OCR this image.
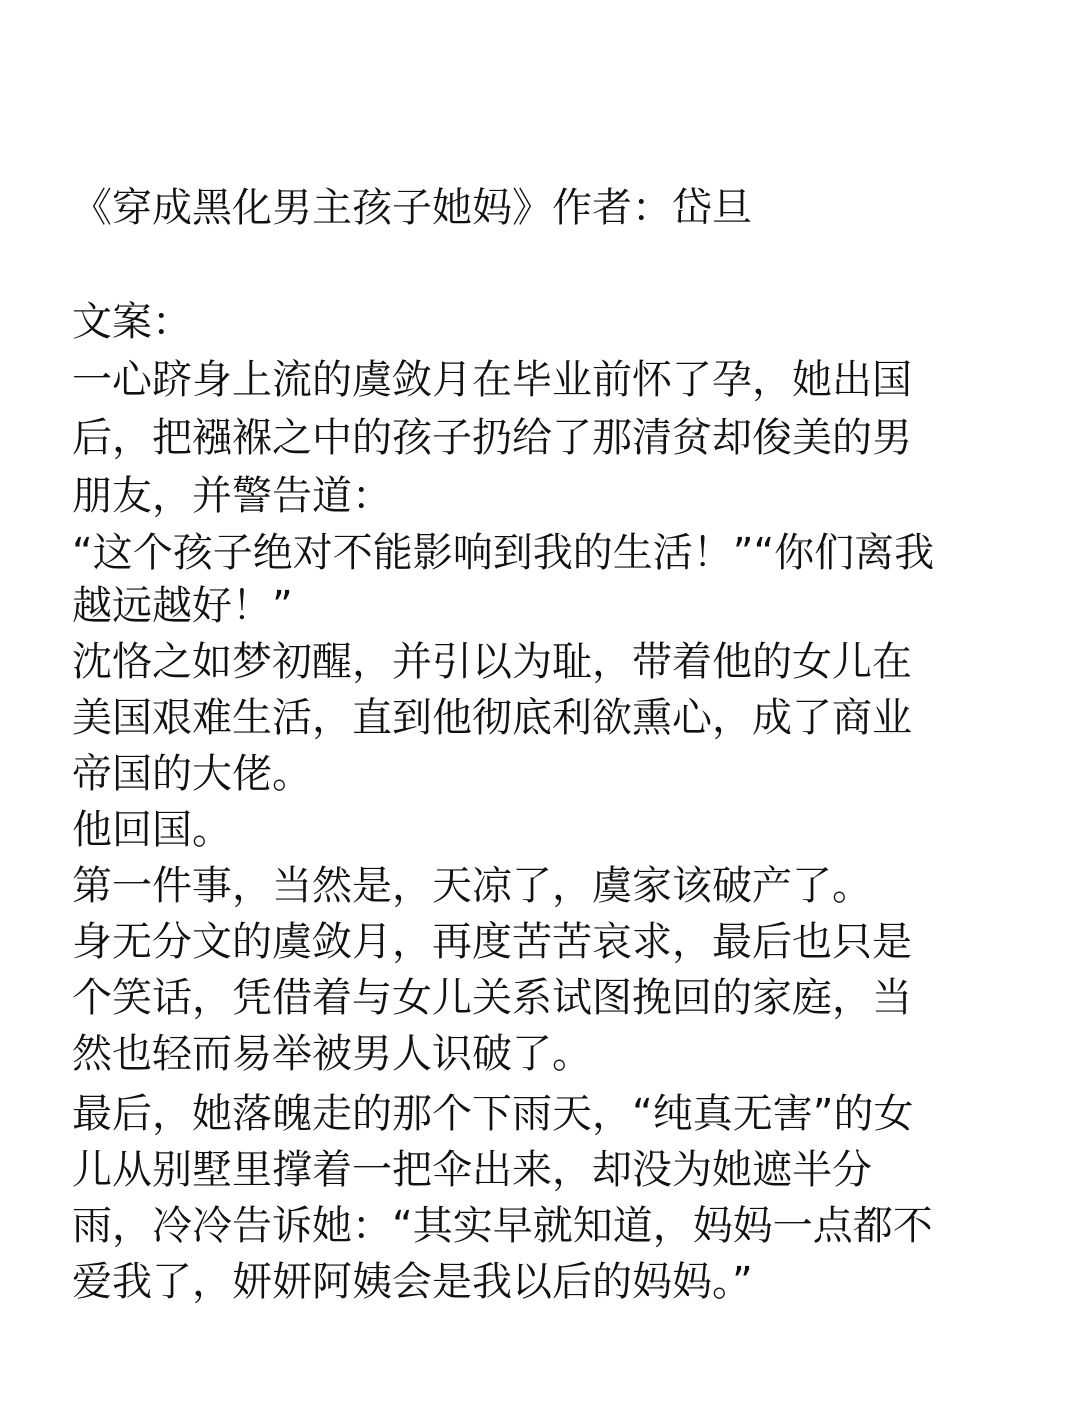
《穿成黑化男主孩子她妈》作者：岱旦
文案：
一心跻身上流的虞敛月在毕业前怀了孕，她出国
后，把襁褓之中的孩子扔给了那清贫却俊美的男
朋友，并警告道：
“这个孩子绝对不能影响到我的生活！”“你们离我
越远越好！”
沈恪之如梦初醒，并引以为耻，带着他的女儿在
美国艰难生活，直到他彻底利欲熏心，成了商业
帝国的大佬。
他回国。
第一件事，当然是，天凉了，虞家该破产了。
身无分文的虞敛月，再度苦苦哀求，最后也只是
个笑话，凭借着与女儿关系试图挽回的家庭，当
然也轻而易举被男人识破了。
最后，她落魄走的那个下雨天，“纯真无害”的女
儿从别墅里撑着一把伞出来，却没为她遮半分
雨，冷冷告诉她：“其实早就知道，妈妈一点都不
爱我了，妍妍阿姨会是我以后的妈妈。”
